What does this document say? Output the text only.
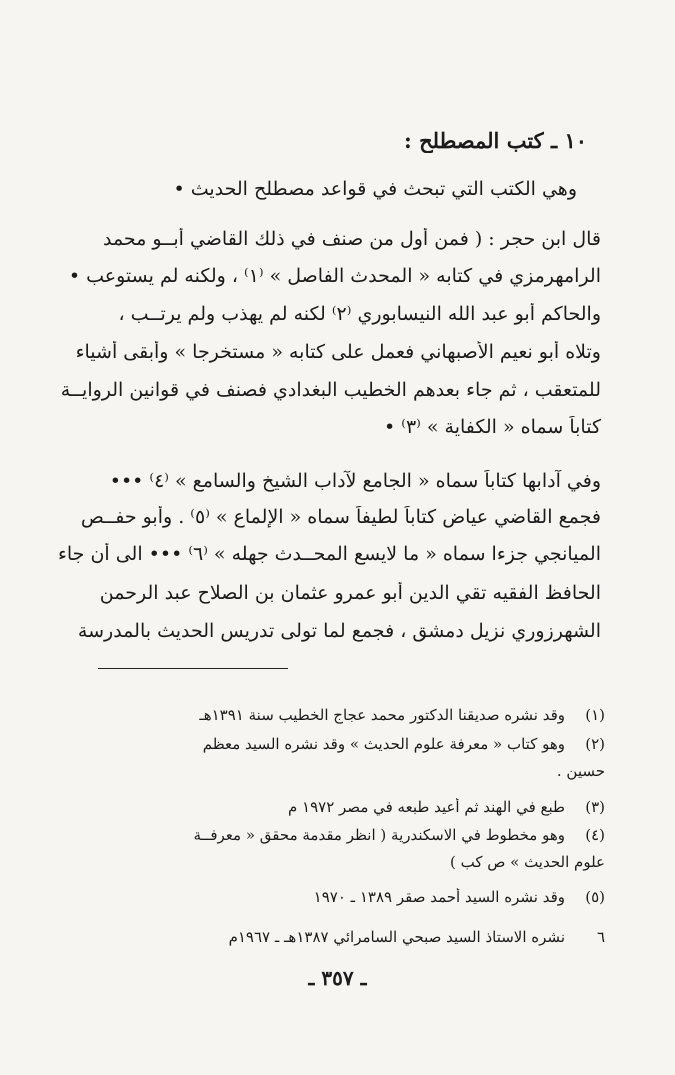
١٠ ـ كتب المصطلح :
وهي الكتب التي تبحث في قواعد مصطلح الحديث •
قال ابن حجر : ( فمن أول من صنف في ذلك القاضي أبــو محمد
الرامهرمزي في كتابه « المحدث الفاصل » ⁽١⁾ ، ولكنه لم يستوعب •
والحاكم أبو عبد الله النيسابوري ⁽٢⁾ لكنه لم يهذب ولم يرتــب ،
وتلاه أبو نعيم الأصبهاني فعمل على كتابه « مستخرجا » وأبقى أشياء
للمتعقب ، ثم جاء بعدهم الخطيب البغدادي فصنف في قوانين الروايــة
كتاباً سماه « الكفاية » ⁽٣⁾ •
وفي آدابها كتاباً سماه « الجامع لآداب الشيخ والسامع » ⁽٤⁾ •••
فجمع القاضي عياض كتاباً لطيفاً سماه « الإلماع » ⁽٥⁾ . وأبو حفــص
الميانجي جزءا سماه « ما لايسع المحــدث جهله » ⁽٦⁾ ••• الى أن جاء
الحافظ الفقيه تقي الدين أبو عمرو عثمان بن الصلاح عبد الرحمن
الشهرزوري نزيل دمشق ، فجمع لما تولى تدريس الحديث بالمدرسة
(١)وقد نشره صديقنا الدكتور محمد عجاج الخطيب سنة ١٣٩١هـ
(٢)وهو كتاب « معرفة علوم الحديث » وقد نشره السيد معظم
حسين .
(٣)طبع في الهند ثم أعيد طبعه في مصر ١٩٧٢ م
(٤)وهو مخطوط في الاسكندرية ( انظر مقدمة محقق « معرفــة
علوم الحديث » ص كب )
(٥)وقد نشره السيد أحمد صقر ١٣٨٩ ـ ١٩٧٠
٦نشره الاستاذ السيد صبحي السامرائي ١٣٨٧هـ ـ ١٩٦٧م
ـ ٣٥٧ ـ
